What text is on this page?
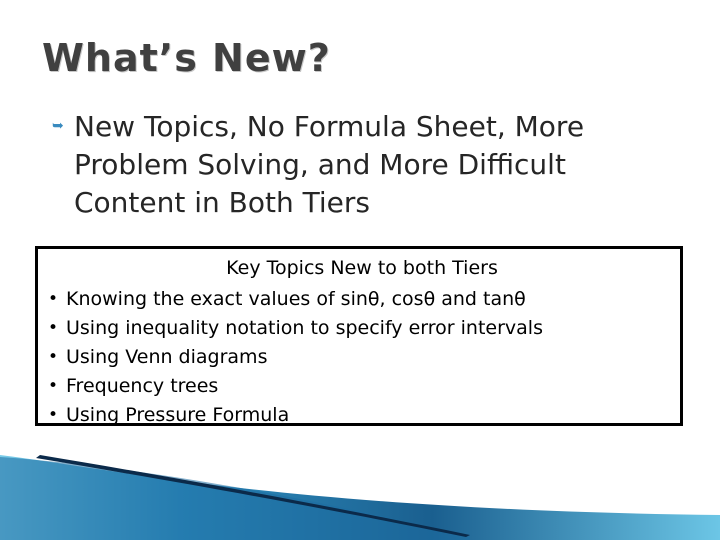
What’s New?
➥ New Topics, No Formula Sheet, More Problem Solving, and More Difficult Content in Both Tiers
Key Topics New to both Tiers
• Knowing the exact values of sinθ, cosθ and tanθ
• Using inequality notation to specify error intervals
• Using Venn diagrams
• Frequency trees
• Using Pressure Formula
